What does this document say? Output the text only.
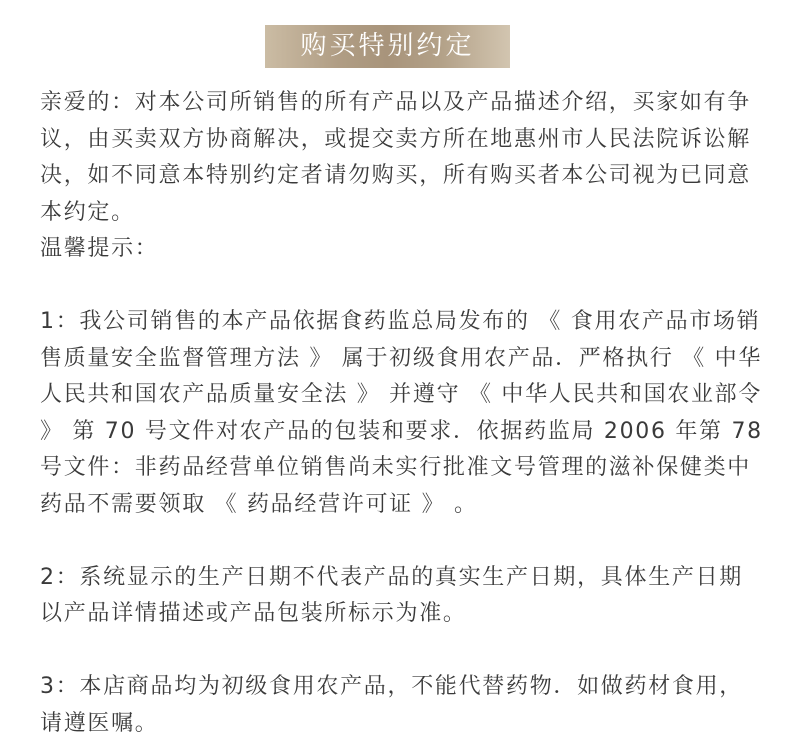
购买特别约定
亲爱的：对本公司所销售的所有产品以及产品描述介绍，买家如有争
议，由买卖双方协商解决，或提交卖方所在地惠州市人民法院诉讼解
决，如不同意本特别约定者请勿购买，所有购买者本公司视为已同意
本约定。
温馨提示：
1：我公司销售的本产品依据食药监总局发布的 《 食用农产品市场销
售质量安全监督管理方法 》 属于初级食用农产品．严格执行 《 中华
人民共和国农产品质量安全法 》 并遵守 《 中华人民共和国农业部令
》 第 70 号文件对农产品的包装和要求．依据药监局 2006 年第 78
号文件：非药品经营单位销售尚未实行批准文号管理的滋补保健类中
药品不需要领取 《 药品经营许可证 》 。
2：系统显示的生产日期不代表产品的真实生产日期，具体生产日期
以产品详情描述或产品包装所标示为准。
3：本店商品均为初级食用农产品，不能代替药物．如做药材食用，
请遵医嘱。
